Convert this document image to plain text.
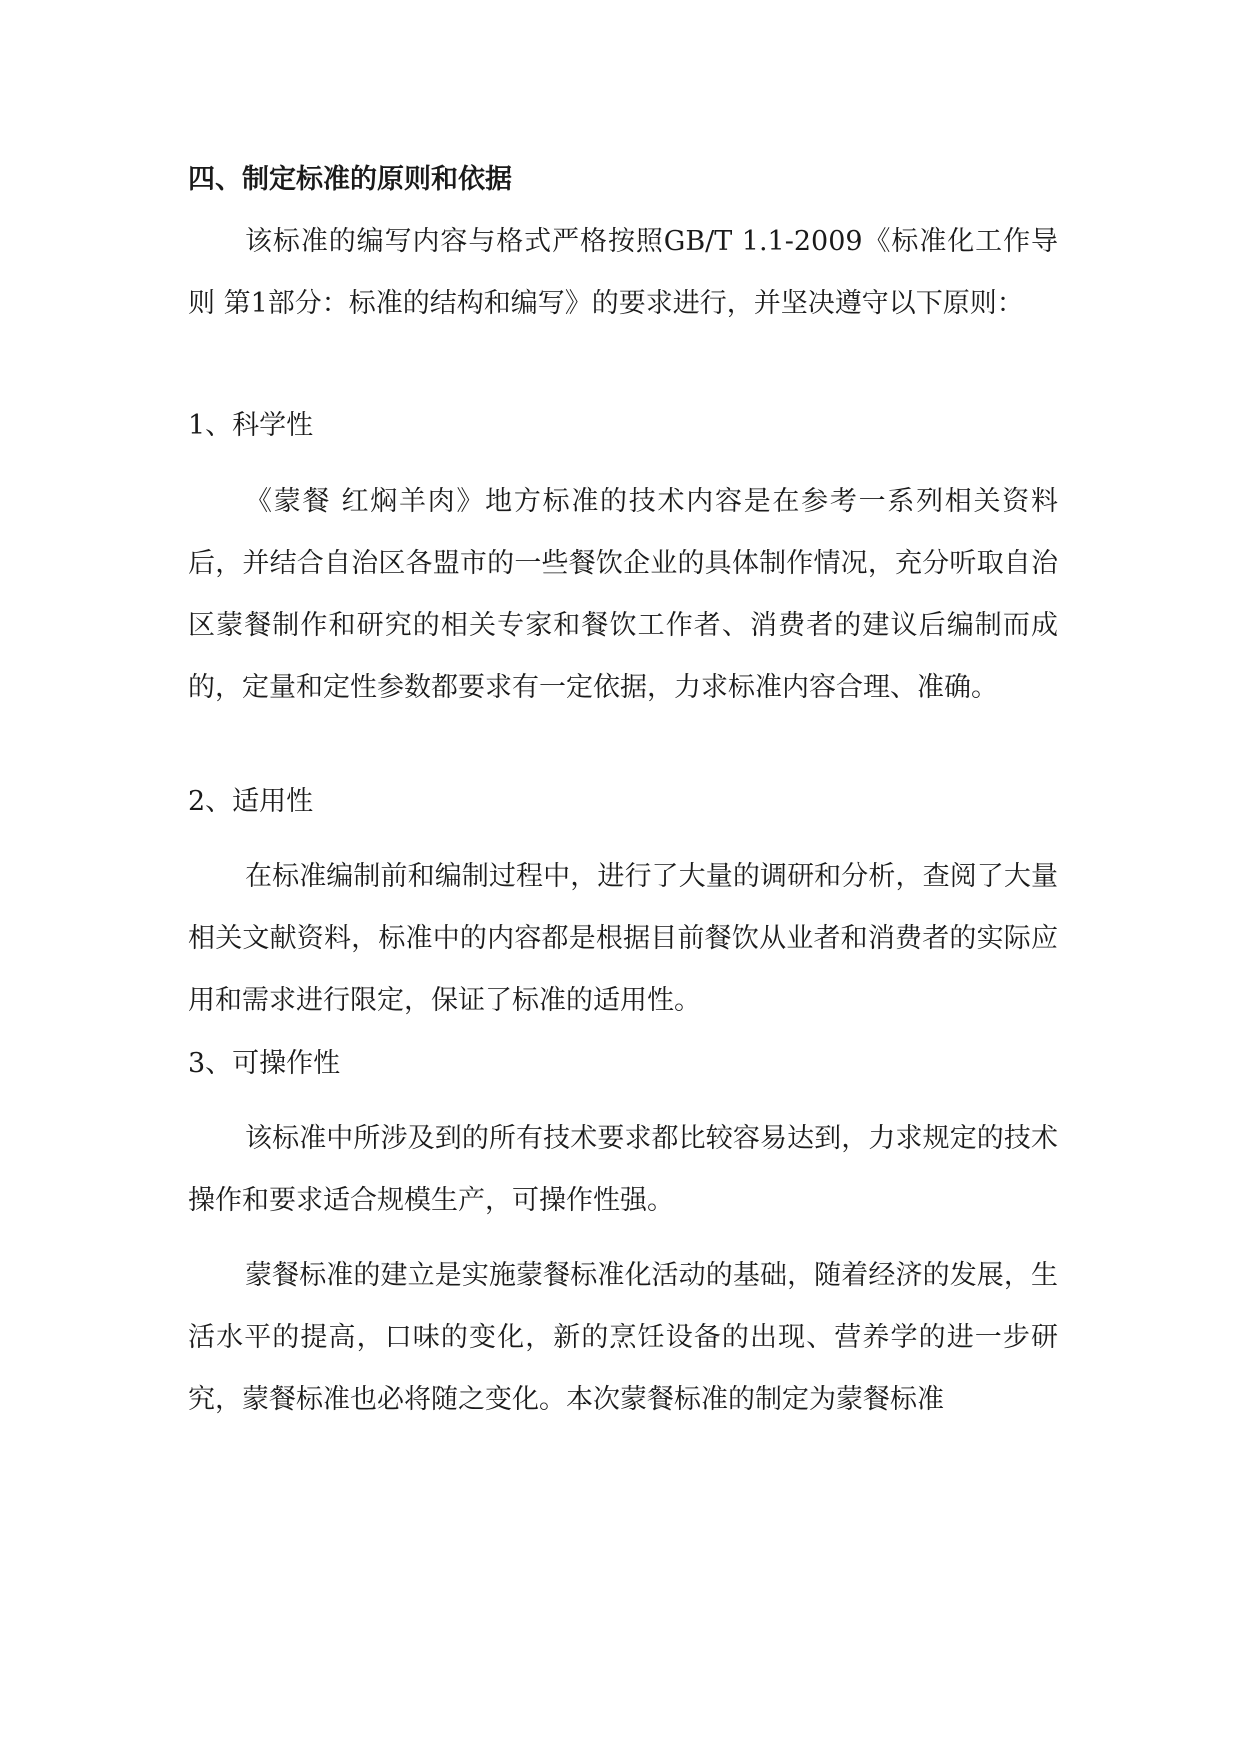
四、制定标准的原则和依据

该标准的编写内容与格式严格按照GB/T 1.1-2009《标准化工作导则 第1部分：标准的结构和编写》的要求进行，并坚决遵守以下原则：

1、科学性

《蒙餐 红焖羊肉》地方标准的技术内容是在参考一系列相关资料后，并结合自治区各盟市的一些餐饮企业的具体制作情况，充分听取自治区蒙餐制作和研究的相关专家和餐饮工作者、消费者的建议后编制而成的，定量和定性参数都要求有一定依据，力求标准内容合理、准确。

2、适用性

在标准编制前和编制过程中，进行了大量的调研和分析，查阅了大量相关文献资料，标准中的内容都是根据目前餐饮从业者和消费者的实际应用和需求进行限定，保证了标准的适用性。

3、可操作性

该标准中所涉及到的所有技术要求都比较容易达到，力求规定的技术操作和要求适合规模生产，可操作性强。

蒙餐标准的建立是实施蒙餐标准化活动的基础，随着经济的发展，生活水平的提高，口味的变化，新的烹饪设备的出现、营养学的进一步研究，蒙餐标准也必将随之变化。本次蒙餐标准的制定为蒙餐标准
